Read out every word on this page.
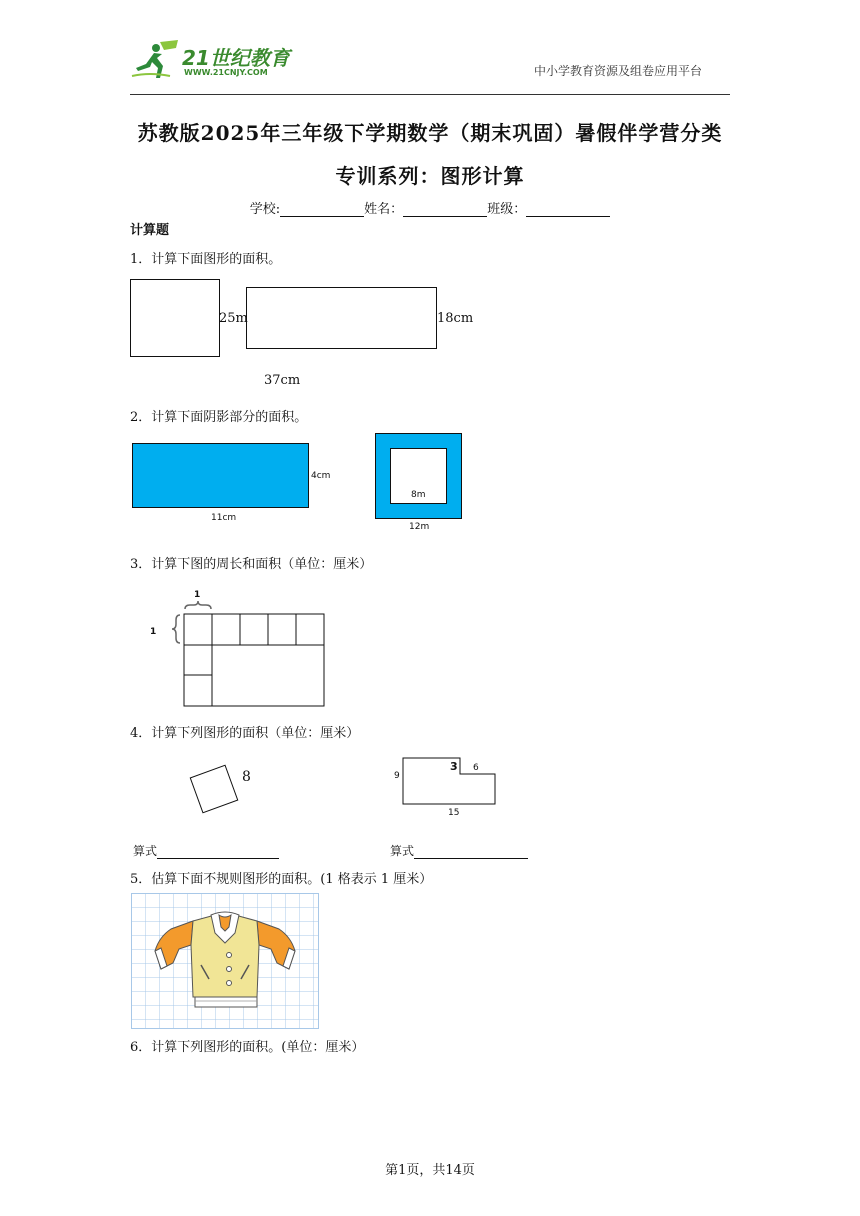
21世纪教育
WWW.21CNJY.COM	中小学教育资源及组卷应用平台
苏教版2025年三年级下学期数学（期末巩固）暑假伴学营分类
专训系列：图形计算
学校:	姓名：	班级：
计算题
1．计算下面图形的面积。
25m	18cm
37cm
2．计算下面阴影部分的面积。
4cm
11cm
8m
12m
3．计算下图的周长和面积（单位：厘米）
1
1
4．计算下列图形的面积（单位：厘米）
8	9
3 6
15
算式	算式
5．估算下面不规则图形的面积。(1 格表示 1 厘米）
6．计算下列图形的面积。(单位：厘米）
第1页，共14页
